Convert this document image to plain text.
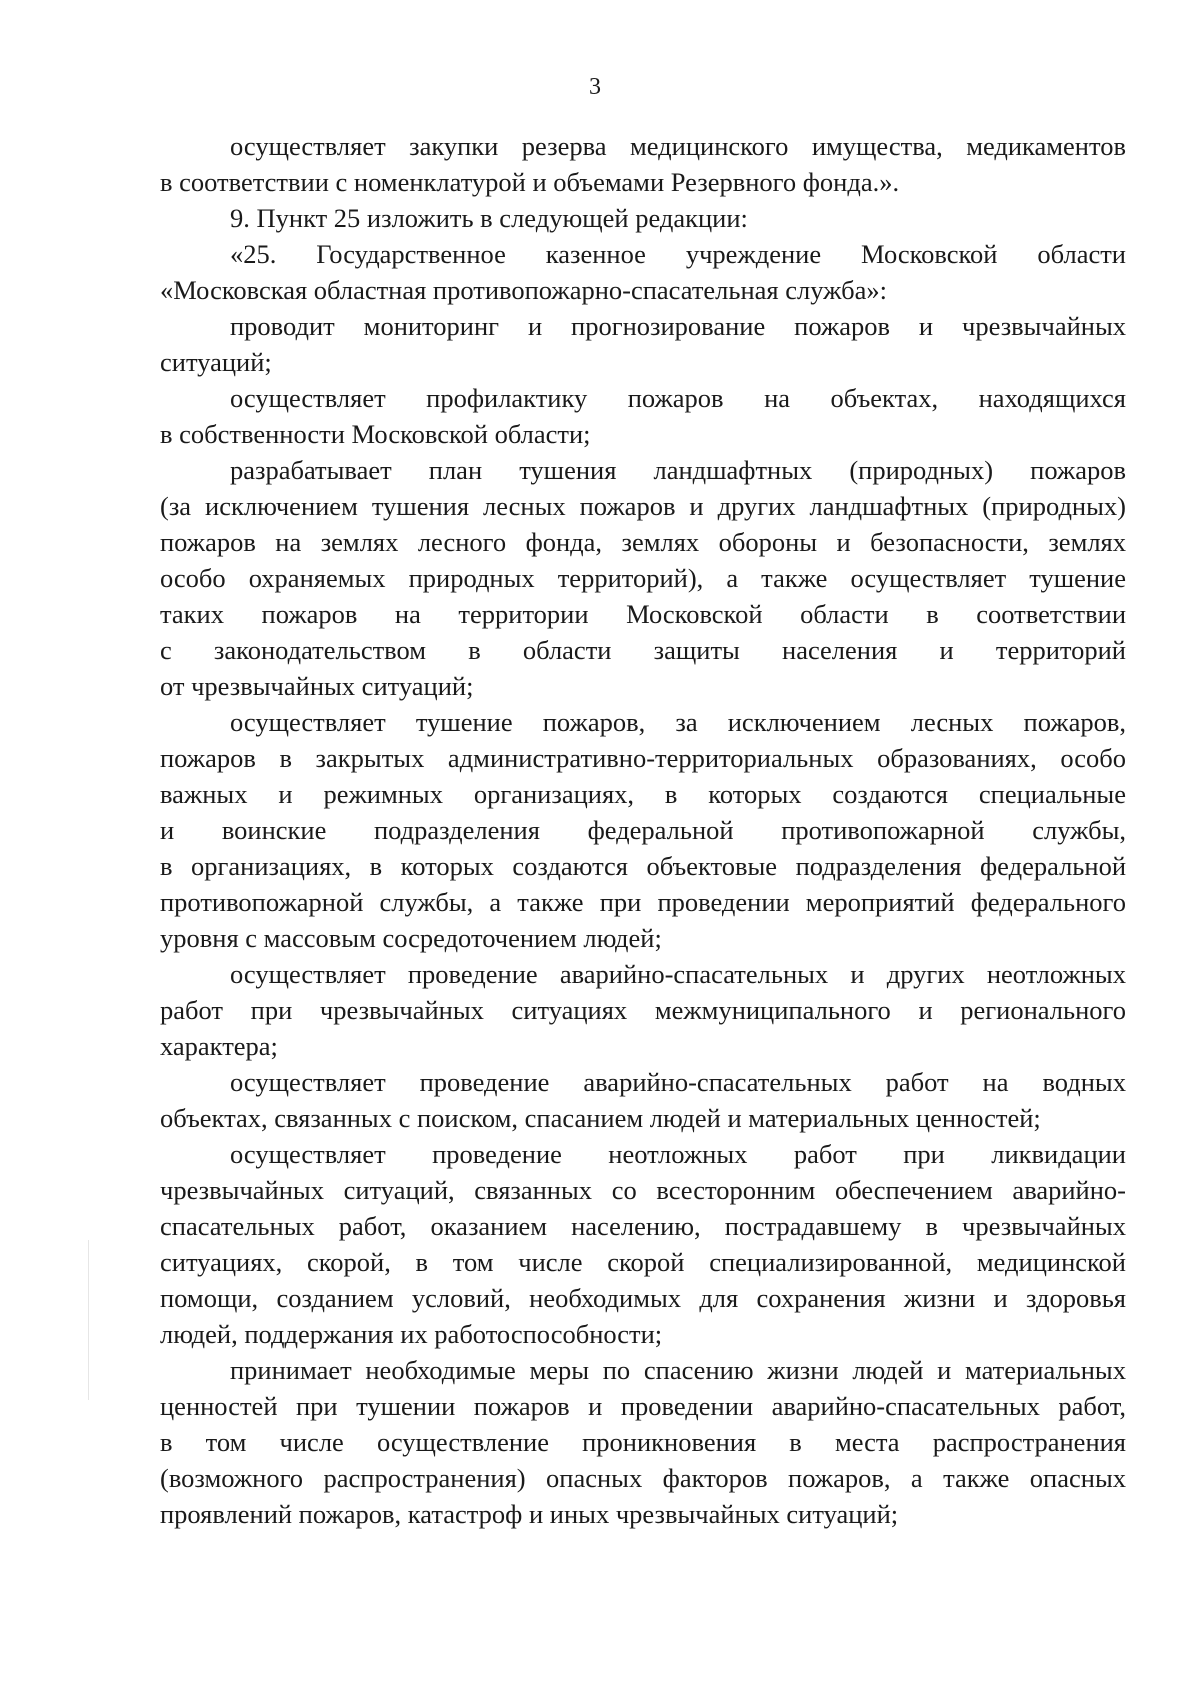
3
осуществляет закупки резерва медицинского имущества, медикаментов
в соответствии с номенклатурой и объемами Резервного фонда.».
9. Пункт 25 изложить в следующей редакции:
«25. Государственное казенное учреждение Московской области
«Московская областная противопожарно-спасательная служба»:
проводит мониторинг и прогнозирование пожаров и чрезвычайных
ситуаций;
осуществляет профилактику пожаров на объектах, находящихся
в собственности Московской области;
разрабатывает план тушения ландшафтных (природных) пожаров
(за исключением тушения лесных пожаров и других ландшафтных (природных)
пожаров на землях лесного фонда, землях обороны и безопасности, землях
особо охраняемых природных территорий), а также осуществляет тушение
таких пожаров на территории Московской области в соответствии
с законодательством в области защиты населения и территорий
от чрезвычайных ситуаций;
осуществляет тушение пожаров, за исключением лесных пожаров,
пожаров в закрытых административно-территориальных образованиях, особо
важных и режимных организациях, в которых создаются специальные
и воинские подразделения федеральной противопожарной службы,
в организациях, в которых создаются объектовые подразделения федеральной
противопожарной службы, а также при проведении мероприятий федерального
уровня с массовым сосредоточением людей;
осуществляет проведение аварийно-спасательных и других неотложных
работ при чрезвычайных ситуациях межмуниципального и регионального
характера;
осуществляет проведение аварийно-спасательных работ на водных
объектах, связанных с поиском, спасанием людей и материальных ценностей;
осуществляет проведение неотложных работ при ликвидации
чрезвычайных ситуаций, связанных со всесторонним обеспечением аварийно-
спасательных работ, оказанием населению, пострадавшему в чрезвычайных
ситуациях, скорой, в том числе скорой специализированной, медицинской
помощи, созданием условий, необходимых для сохранения жизни и здоровья
людей, поддержания их работоспособности;
принимает необходимые меры по спасению жизни людей и материальных
ценностей при тушении пожаров и проведении аварийно-спасательных работ,
в том числе осуществление проникновения в места распространения
(возможного распространения) опасных факторов пожаров, а также опасных
проявлений пожаров, катастроф и иных чрезвычайных ситуаций;
